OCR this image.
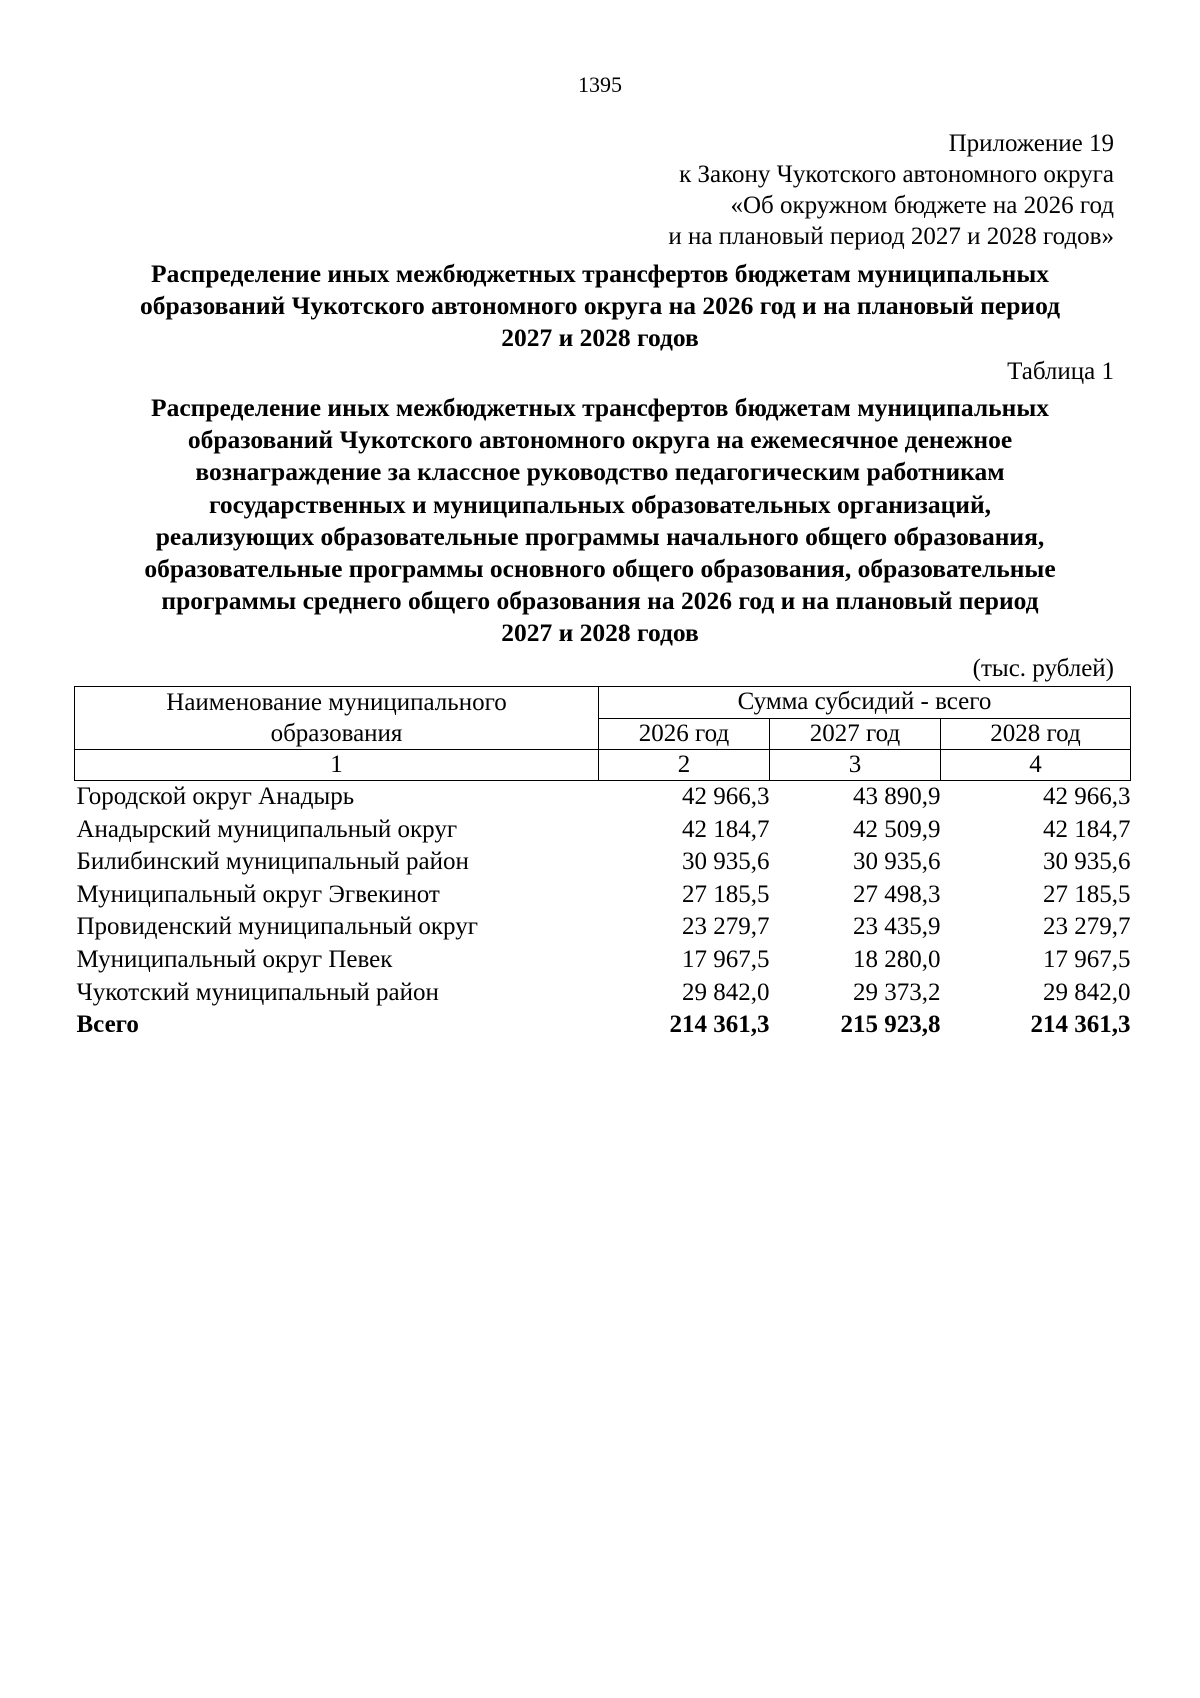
1395
Приложение 19
к Закону Чукотского автономного округа
«Об окружном бюджете на 2026 год
и на плановый период 2027 и 2028 годов»
Распределение иных межбюджетных трансфертов бюджетам муниципальных
образований Чукотского автономного округа на 2026 год и на плановый период
2027 и 2028 годов
Таблица 1
Распределение иных межбюджетных трансфертов бюджетам муниципальных
образований Чукотского автономного округа на ежемесячное денежное
вознаграждение за классное руководство педагогическим работникам
государственных и муниципальных образовательных организаций,
реализующих образовательные программы начального общего образования,
образовательные программы основного общего образования, образовательные
программы среднего общего образования на 2026 год и на плановый период
2027 и 2028 годов
(тыс. рублей)
Наименование муниципального
образования	Сумма субсидий - всего		
	2026 год	2027 год	2028 год
1	2	3	4
Городской округ Анадырь	42 966,3	43 890,9	42 966,3
Анадырский муниципальный округ	42 184,7	42 509,9	42 184,7
Билибинский муниципальный район	30 935,6	30 935,6	30 935,6
Муниципальный округ Эгвекинот	27 185,5	27 498,3	27 185,5
Провиденский муниципальный округ	23 279,7	23 435,9	23 279,7
Муниципальный округ Певек	17 967,5	18 280,0	17 967,5
Чукотский муниципальный район	29 842,0	29 373,2	29 842,0
Всего	214 361,3	215 923,8	214 361,3
